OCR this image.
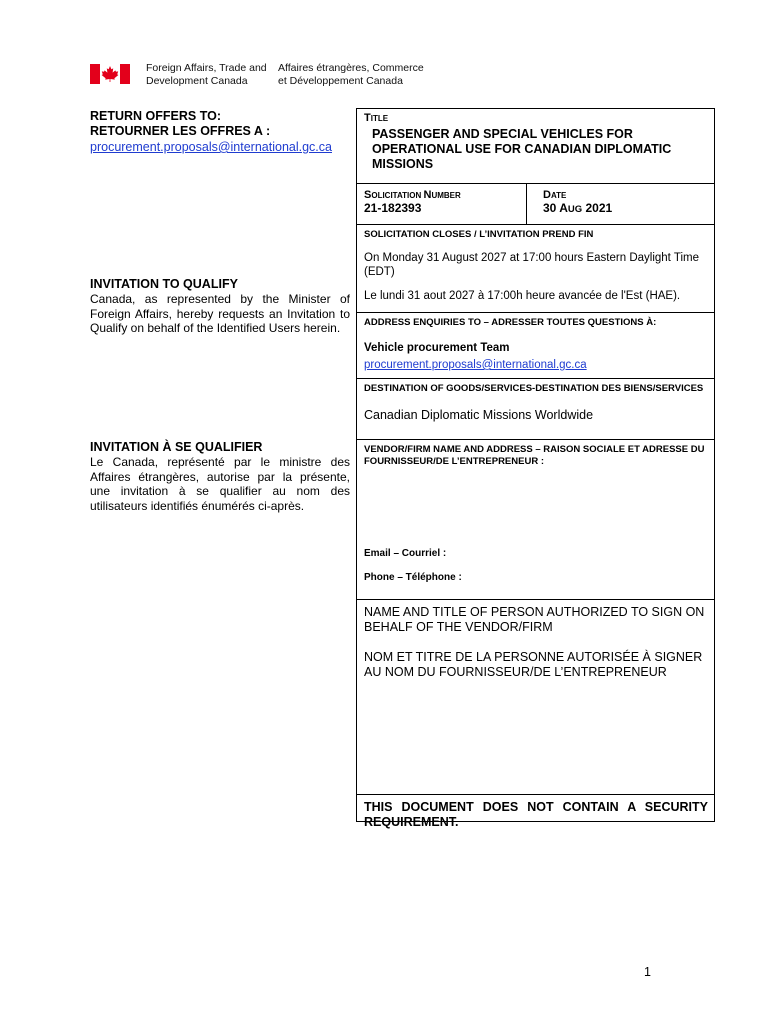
Foreign Affairs, Trade and
Development Canada
Affaires étrangères, Commerce
et Développement Canada
RETURN OFFERS TO:
RETOURNER LES OFFRES A :
procurement.proposals@international.gc.ca
INVITATION TO QUALIFY
Canada, as represented by the Minister of Foreign Affairs, hereby requests an Invitation to Qualify on behalf of the Identified Users herein.
INVITATION À SE QUALIFIER
Le Canada, représenté par le ministre des Affaires étrangères, autorise par la présente, une invitation à se qualifier au nom des utilisateurs identifiés énumérés ci-après.
TITLE
PASSENGER AND SPECIAL VEHICLES FOR OPERATIONAL USE FOR CANADIAN DIPLOMATIC MISSIONS
SOLICITATION NUMBER
21-182393
DATE
30 AUG 2021
SOLICITATION CLOSES / L’INVITATION PREND FIN
On Monday 31 August 2027 at 17:00 hours Eastern Daylight Time (EDT)
Le lundi 31 aout 2027 à 17:00h heure avancée de l'Est (HAE).
ADDRESS ENQUIRIES TO – ADRESSER TOUTES QUESTIONS À:
Vehicle procurement Team
procurement.proposals@international.gc.ca
DESTINATION OF GOODS/SERVICES-DESTINATION DES BIENS/SERVICES
Canadian Diplomatic Missions Worldwide
VENDOR/FIRM NAME AND ADDRESS – RAISON SOCIALE ET ADRESSE DU FOURNISSEUR/DE L’ENTREPRENEUR :
Email – Courriel :
Phone – Téléphone :
NAME AND TITLE OF PERSON AUTHORIZED TO SIGN ON BEHALF OF THE VENDOR/FIRM
NOM ET TITRE DE LA PERSONNE AUTORISÉE À SIGNER AU NOM DU FOURNISSEUR/DE L’ENTREPRENEUR
THIS DOCUMENT DOES NOT CONTAIN A SECURITY REQUIREMENT.
1
